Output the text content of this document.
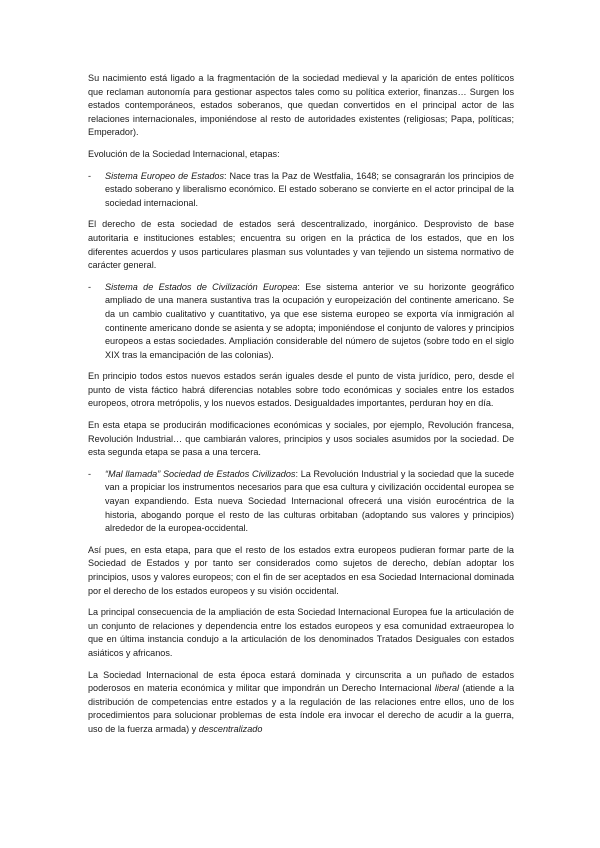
Su nacimiento está ligado a la fragmentación de la sociedad medieval y la aparición de entes políticos que reclaman autonomía para gestionar aspectos tales como su política exterior, finanzas… Surgen los estados contemporáneos, estados soberanos, que quedan convertidos en el principal actor de las relaciones internacionales, imponiéndose al resto de autoridades existentes (religiosas; Papa, políticas; Emperador).

Evolución de la Sociedad Internacional, etapas:

-	Sistema Europeo de Estados: Nace tras la Paz de Westfalia, 1648; se consagrarán los principios de estado soberano y liberalismo económico. El estado soberano se convierte en el actor principal de la sociedad internacional.

El derecho de esta sociedad de estados será descentralizado, inorgánico. Desprovisto de base autoritaria e instituciones estables; encuentra su origen en la práctica de los estados, que en los diferentes acuerdos y usos particulares plasman sus voluntades y van tejiendo un sistema normativo de carácter general.

-	Sistema de Estados de Civilización Europea: Ese sistema anterior ve su horizonte geográfico ampliado de una manera sustantiva tras la ocupación y europeización del continente americano. Se da un cambio cualitativo y cuantitativo, ya que ese sistema europeo se exporta vía inmigración al continente americano donde se asienta y se adopta; imponiéndose el conjunto de valores y principios europeos a estas sociedades. Ampliación considerable del número de sujetos (sobre todo en el siglo XIX tras la emancipación de las colonias).

En principio todos estos nuevos estados serán iguales desde el punto de vista jurídico, pero, desde el punto de vista fáctico habrá diferencias notables sobre todo económicas y sociales entre los estados europeos, otrora metrópolis, y los nuevos estados. Desigualdades importantes, perduran hoy en día.

En esta etapa se producirán modificaciones económicas y sociales, por ejemplo, Revolución francesa, Revolución Industrial… que cambiarán valores, principios y usos sociales asumidos por la sociedad. De esta segunda etapa se pasa a una tercera.

-	“Mal llamada” Sociedad de Estados Civilizados: La Revolución Industrial y la sociedad que la sucede van a propiciar los instrumentos necesarios para que esa cultura y civilización occidental europea se vayan expandiendo. Esta nueva Sociedad Internacional ofrecerá una visión eurocéntrica de la historia, abogando porque el resto de las culturas orbitaban (adoptando sus valores y principios) alrededor de la europea-occidental.

Así pues, en esta etapa, para que el resto de los estados extra europeos pudieran formar parte de la Sociedad de Estados y por tanto ser considerados como sujetos de derecho, debían adoptar los principios, usos y valores europeos; con el fin de ser aceptados en esa Sociedad Internacional dominada por el derecho de los estados europeos y su visión occidental.

La principal consecuencia de la ampliación de esta Sociedad Internacional Europea fue la articulación de un conjunto de relaciones y dependencia entre los estados europeos y esa comunidad extraeuropea lo que en última instancia condujo a la articulación de los denominados Tratados Desiguales con estados asiáticos y africanos.

La Sociedad Internacional de esta época estará dominada y circunscrita a un puñado de estados poderosos en materia económica y militar que impondrán un Derecho Internacional liberal (atiende a la distribución de competencias entre estados y a la regulación de las relaciones entre ellos, uno de los procedimientos para solucionar problemas de esta índole era invocar el derecho de acudir a la guerra, uso de la fuerza armada) y descentralizado
